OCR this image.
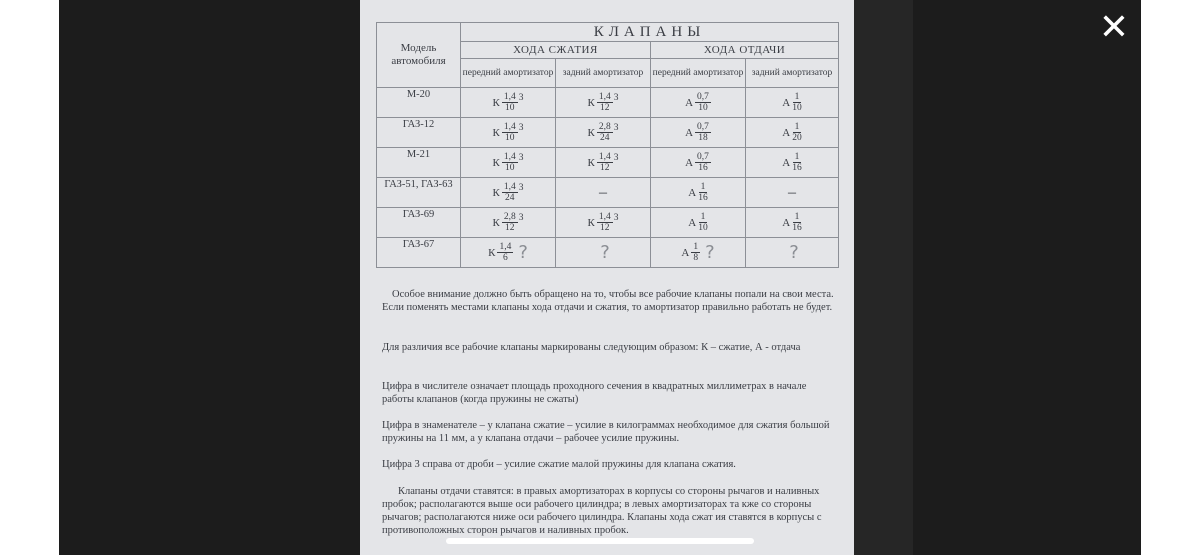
Модель автомобиля	КЛАПАНЫ			
	ХОДА СЖАТИЯ		ХОДА ОТДАЧИ	
	передний амортизатор	задний амортизатор	передний амортизатор	задний амортизатор
М-20	К $\frac{1,4}{10} 3$	К $\frac{1,4}{12} 3$	А $\frac{0,7}{10}$	А $\frac{1}{10}$

ГАЗ-12	К $\frac{1,4}{10} 3$	К $\frac{2,8}{24} 3$	А $\frac{0,7}{18}$	А $\frac{1}{20}$

М-21	К $\frac{1,4}{10} 3$	К $\frac{1,4}{12} 3$	А $\frac{0,7}{16}$	А $\frac{1}{16}$

ГАЗ-51, ГАЗ-63	К $\frac{1,4}{24} 3$	–	А $\frac{1}{16}$	–
ГАЗ-69	К $\frac{2,8}{12} 3$	К $\frac{1,4}{12} 3$	А $\frac{1}{10}$	А $\frac{1}{16}$

ГАЗ-67	К $\frac{1,4}{6}$ ?	?	А $\frac{1}{8}$ ?	?

Особое внимание должно быть обращено на то, чтобы все рабочие клапаны попали на свои места. Если поменять местами клапаны хода отдачи и сжатия, то амортизатор правильно работать не будет.

Для различия все рабочие клапаны маркированы следующим образом: К – сжатие, А - отдача

Цифра в числителе означает площадь проходного сечения в квадратных миллиметрах в начале работы клапанов (когда пружины не сжаты)

Цифра в знаменателе – у клапана сжатие – усилие в килограммах необходимое для сжатия большой пружины на 11 мм, а у клапана отдачи – рабочее усилие пружины.

Цифра 3 справа от дроби – усилие сжатие малой пружины для клапана сжатия.

Клапаны отдачи ставятся: в правых амортизаторах в корпусы со стороны рычагов и наливных пробок; располагаются выше оси рабочего цилиндра; в левых амортизаторах та кже со стороны рычагов; располагаются ниже оси рабочего цилиндра. Клапаны хода сжат ия ставятся в корпусы с противоположных сторон рычагов и наливных пробок.

✕
